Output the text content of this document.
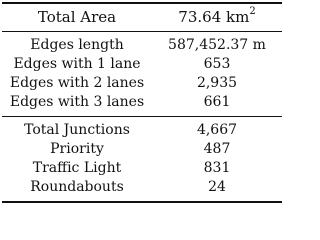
Total Area	73.64 $km^2$
Edges length	587,452.37 m
Edges with 1 lane	653
Edges with 2 lanes	2,935
Edges with 3 lanes	661
Total Junctions	4,667
Priority	487
Traffic Light	831
Roundabouts	24
